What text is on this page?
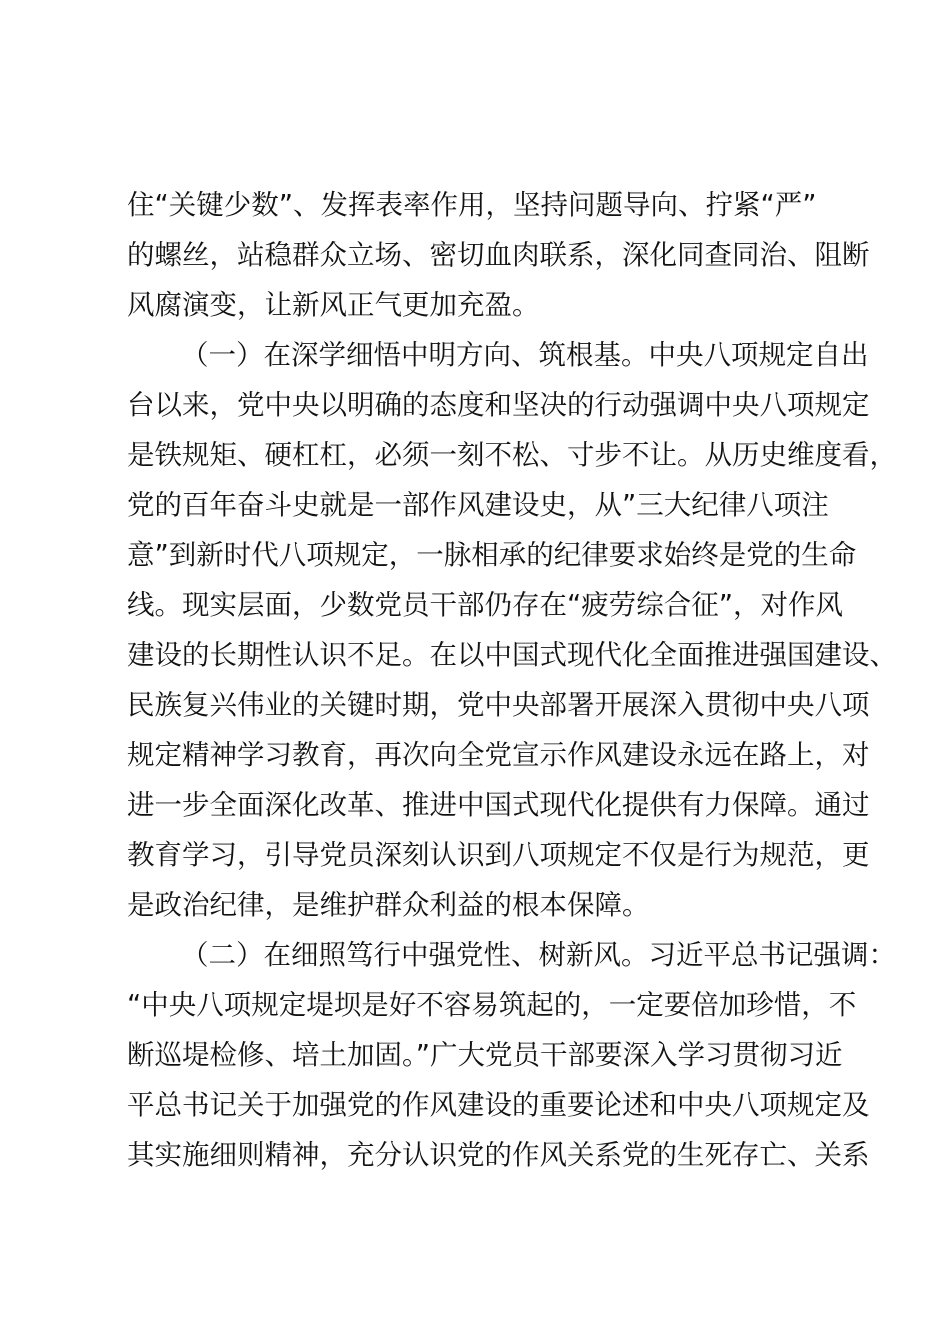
住“关键少数”、发挥表率作用，坚持问题导向、拧紧“严”
的螺丝，站稳群众立场、密切血肉联系，深化同查同治、阻断
风腐演变，让新风正气更加充盈。
（一）在深学细悟中明方向、筑根基。中央八项规定自出
台以来，党中央以明确的态度和坚决的行动强调中央八项规定
是铁规矩、硬杠杠，必须一刻不松、寸步不让。从历史维度看，
党的百年奋斗史就是一部作风建设史，从”三大纪律八项注
意”到新时代八项规定，一脉相承的纪律要求始终是党的生命
线。现实层面，少数党员干部仍存在“疲劳综合征”，对作风
建设的长期性认识不足。在以中国式现代化全面推进强国建设、
民族复兴伟业的关键时期，党中央部署开展深入贯彻中央八项
规定精神学习教育，再次向全党宣示作风建设永远在路上，对
进一步全面深化改革、推进中国式现代化提供有力保障。通过
教育学习，引导党员深刻认识到八项规定不仅是行为规范，更
是政治纪律，是维护群众利益的根本保障。
（二）在细照笃行中强党性、树新风。习近平总书记强调：
“中央八项规定堤坝是好不容易筑起的，一定要倍加珍惜，不
断巡堤检修、培土加固。”广大党员干部要深入学习贯彻习近
平总书记关于加强党的作风建设的重要论述和中央八项规定及
其实施细则精神，充分认识党的作风关系党的生死存亡、关系
